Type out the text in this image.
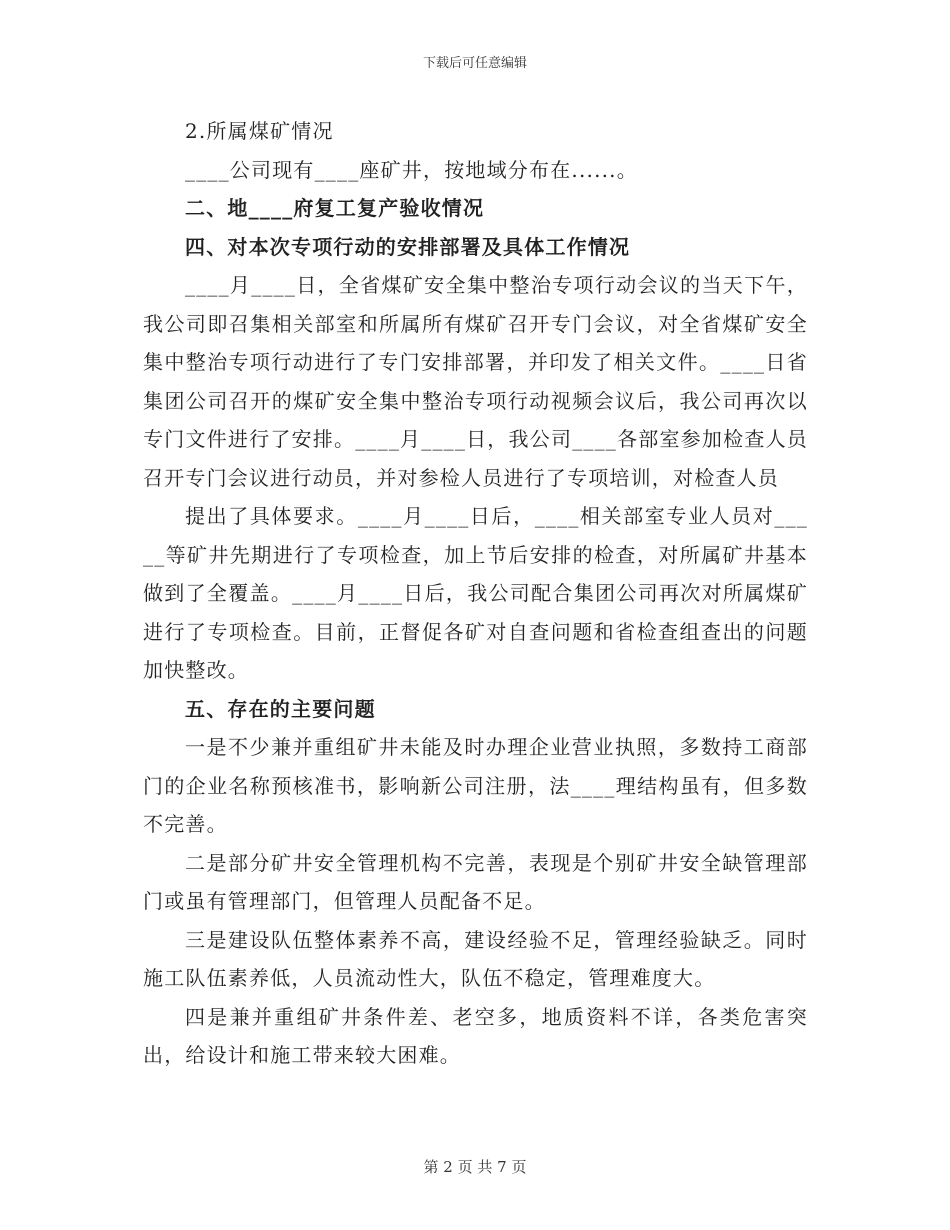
下载后可任意编辑

2.所属煤矿情况

____公司现有____座矿井，按地域分布在......。

二、地____府复工复产验收情况

四、对本次专项行动的安排部署及具体工作情况

____月____日，全省煤矿安全集中整治专项行动会议的当天下午，我公司即召集相关部室和所属所有煤矿召开专门会议，对全省煤矿安全集中整治专项行动进行了专门安排部署，并印发了相关文件。____日省集团公司召开的煤矿安全集中整治专项行动视频会议后，我公司再次以专门文件进行了安排。____月____日，我公司____各部室参加检查人员召开专门会议进行动员，并对参检人员进行了专项培训，对检查人员

提出了具体要求。____月____日后，____相关部室专业人员对_____等矿井先期进行了专项检查，加上节后安排的检查，对所属矿井基本做到了全覆盖。____月____日后，我公司配合集团公司再次对所属煤矿进行了专项检查。目前，正督促各矿对自查问题和省检查组查出的问题加快整改。

五、存在的主要问题

一是不少兼并重组矿井未能及时办理企业营业执照，多数持工商部门的企业名称预核准书，影响新公司注册，法____理结构虽有，但多数不完善。

二是部分矿井安全管理机构不完善，表现是个别矿井安全缺管理部门或虽有管理部门，但管理人员配备不足。

三是建设队伍整体素养不高，建设经验不足，管理经验缺乏。同时施工队伍素养低，人员流动性大，队伍不稳定，管理难度大。

四是兼并重组矿井条件差、老空多，地质资料不详，各类危害突出，给设计和施工带来较大困难。

第 2 页 共 7 页
